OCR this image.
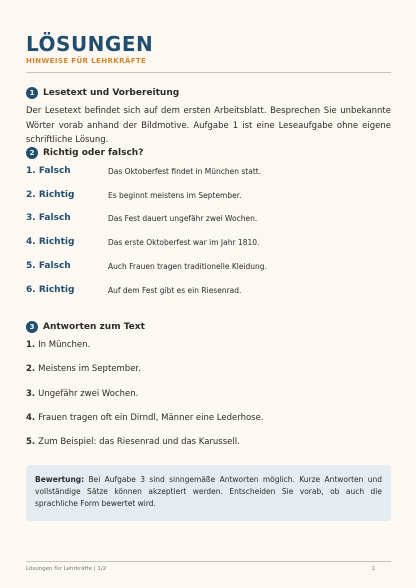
LÖSUNGEN
HINWEISE FÜR LEHRKRÄFTE
1 Lesetext und Vorbereitung
Der Lesetext befindet sich auf dem ersten Arbeitsblatt. Besprechen Sie unbekannte Wörter vorab anhand der Bildmotive. Aufgabe 1 ist eine Leseaufgabe ohne eigene schriftliche Lösung.
2 Richtig oder falsch?
1. Falsch	Das Oktoberfest findet in München statt.
2. Richtig	Es beginnt meistens im September.
3. Falsch	Das Fest dauert ungefähr zwei Wochen.
4. Richtig	Das erste Oktoberfest war im Jahr 1810.
5. Falsch	Auch Frauen tragen traditionelle Kleidung.
6. Richtig	Auf dem Fest gibt es ein Riesenrad.
3 Antworten zum Text
1. In München.
2. Meistens im September.
3. Ungefähr zwei Wochen.
4. Frauen tragen oft ein Dirndl, Männer eine Lederhose.
5. Zum Beispiel: das Riesenrad und das Karussell.
Bewertung: Bei Aufgabe 3 sind sinngemäße Antworten möglich. Kurze Antworten und vollständige Sätze können akzeptiert werden. Entscheiden Sie vorab, ob auch die sprachliche Form bewertet wird.
Lösungen für Lehrkräfte | 1/2	1
